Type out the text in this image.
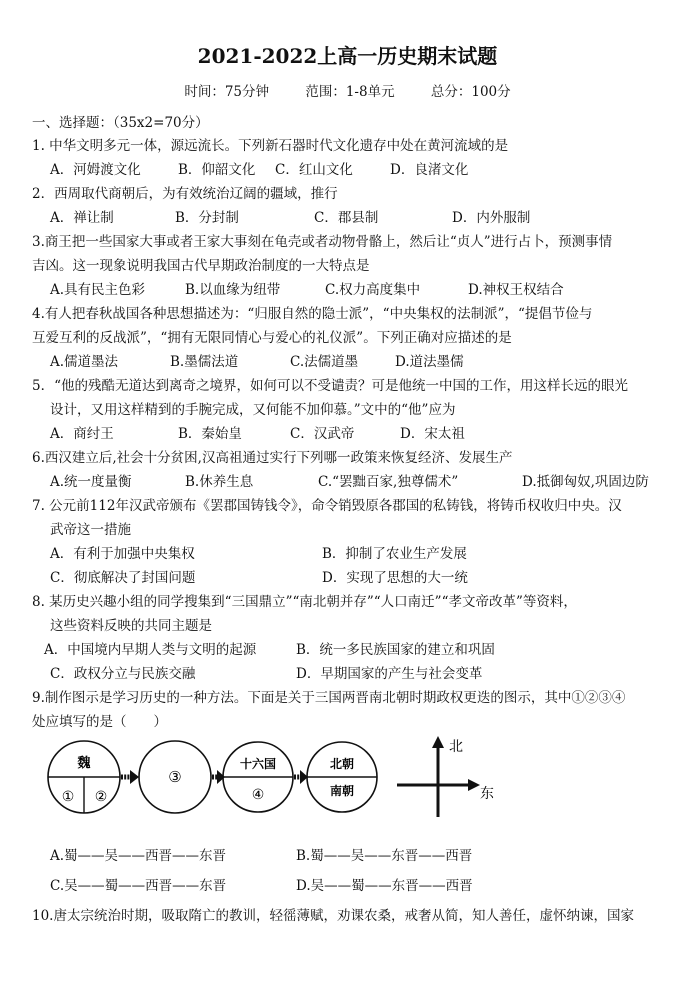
2021-2022上高一历史期末试题
时间：75分钟	范围：1-8单元	总分：100分
一、选择题：（35x2=70分）
1. 中华文明多元一体，源远流长。下列新石器时代文化遗存中处在黄河流域的是
A．河姆渡文化	B．仰韶文化 C．红山文化	D．良渚文化
2．西周取代商朝后，为有效统治辽阔的疆域，推行
A．禅让制	B．分封制	C．郡县制	D．内外服制
3.商王把一些国家大事或者王家大事刻在龟壳或者动物骨骼上，然后让“贞人”进行占卜，预测事情
吉凶。这一现象说明我国古代早期政治制度的一大特点是
A.具有民主色彩	B.以血缘为纽带	C.权力高度集中	D.神权王权结合
4.有人把春秋战国各种思想描述为：“归服自然的隐士派”，“中央集权的法制派”，“提倡节俭与
互爱互利的反战派”，“拥有无限同情心与爱心的礼仪派”。下列正确对应描述的是
A.儒道墨法	B.墨儒法道	C.法儒道墨	D.道法墨儒
5．“他的残酷无道达到离奇之境界，如何可以不受谴责？可是他统一中国的工作，用这样长远的眼光
设计，又用这样精到的手腕完成，又何能不加仰慕。”文中的“他”应为
A．商纣王	B．秦始皇	C．汉武帝	D．宋太祖
6.西汉建立后,社会十分贫困,汉高祖通过实行下列哪一政策来恢复经济、发展生产
A.统一度量衡	B.休养生息	C.“罢黜百家,独尊儒术”	D.抵御匈奴,巩固边防
7. 公元前112年汉武帝颁布《罢郡国铸钱令》，命令销毁原各郡国的私铸钱，将铸币权收归中央。汉
武帝这一措施
A．有利于加强中央集权	B．抑制了农业生产发展
C．彻底解决了封国问题	D．实现了思想的大一统
8. 某历史兴趣小组的同学搜集到“三国鼎立”“南北朝并存”“人口南迁”“孝文帝改革”等资料，
这些资料反映的共同主题是
A．中国境内早期人类与文明的起源	B．统一多民族国家的建立和巩固
C．政权分立与民族交融	D．早期国家的产生与社会变革
9.制作图示是学习历史的一种方法。下面是关于三国两晋南北朝时期政权更迭的图示，其中①②③④
处应填写的是（　　）
魏
① ②
③
十六国
④
北朝
南朝
北
东
A.蜀——吴——西晋——东晋	B.蜀——吴——东晋——西晋
C.吴——蜀——西晋——东晋	D.吴——蜀——东晋——西晋
10.唐太宗统治时期，吸取隋亡的教训，轻徭薄赋，劝课农桑，戒奢从简，知人善任，虚怀纳谏，国家
